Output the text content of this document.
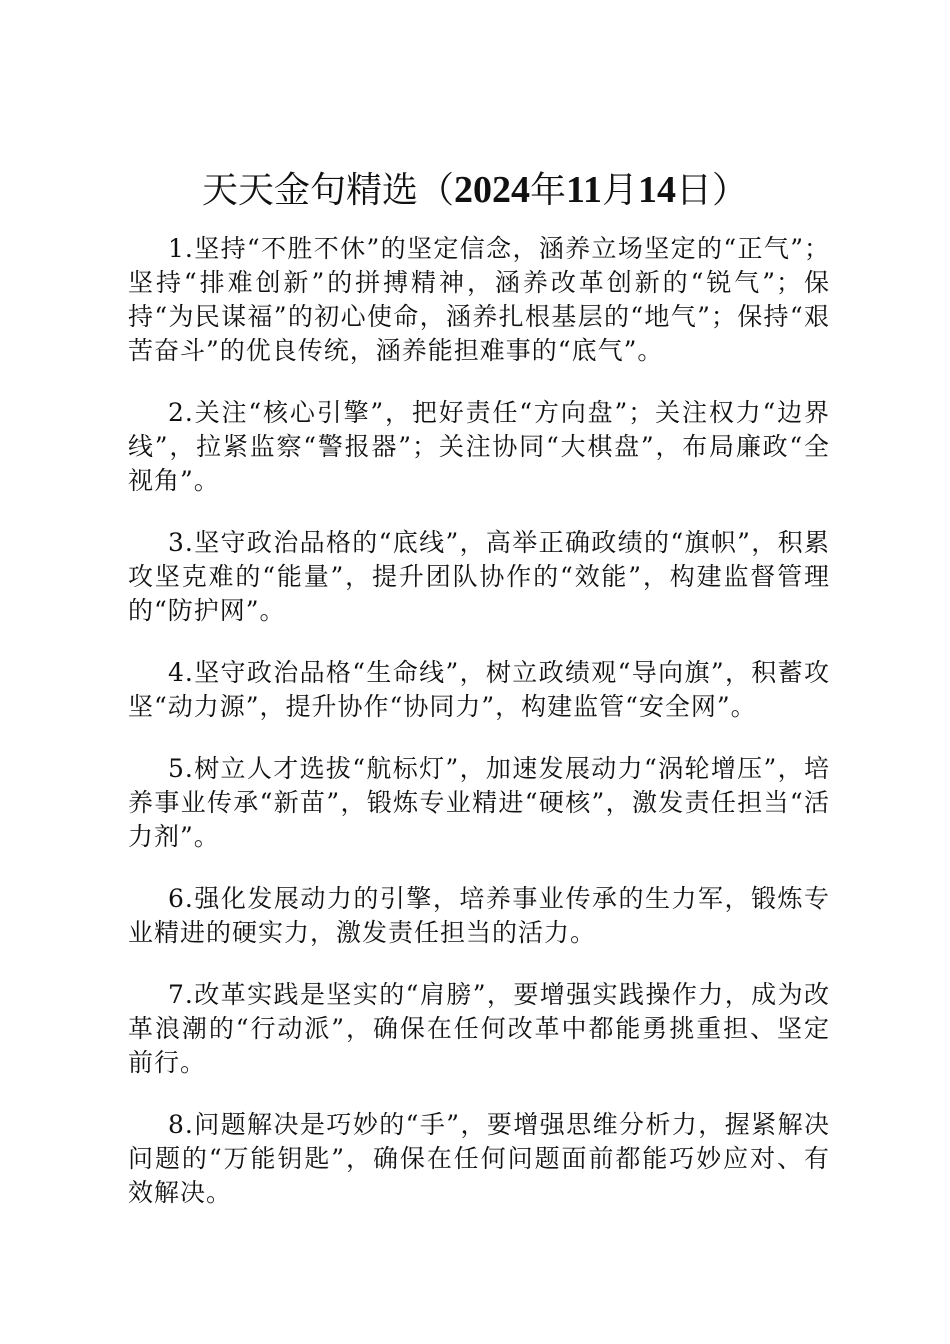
天天金句精选（2024年11月14日）

1.坚持“不胜不休”的坚定信念，涵养立场坚定的“正气”；坚持“排难创新”的拼搏精神，涵养改革创新的“锐气”；保持“为民谋福”的初心使命，涵养扎根基层的“地气”；保持“艰苦奋斗”的优良传统，涵养能担难事的“底气”。

2.关注“核心引擎”，把好责任“方向盘”；关注权力“边界线”，拉紧监察“警报器”；关注协同“大棋盘”，布局廉政“全视角”。

3.坚守政治品格的“底线”，高举正确政绩的“旗帜”，积累攻坚克难的“能量”，提升团队协作的“效能”，构建监督管理的“防护网”。

4.坚守政治品格“生命线”，树立政绩观“导向旗”，积蓄攻坚“动力源”，提升协作“协同力”，构建监管“安全网”。

5.树立人才选拔“航标灯”，加速发展动力“涡轮增压”，培养事业传承“新苗”，锻炼专业精进“硬核”，激发责任担当“活力剂”。

6.强化发展动力的引擎，培养事业传承的生力军，锻炼专业精进的硬实力，激发责任担当的活力。

7.改革实践是坚实的“肩膀”，要增强实践操作力，成为改革浪潮的“行动派”，确保在任何改革中都能勇挑重担、坚定前行。

8.问题解决是巧妙的“手”，要增强思维分析力，握紧解决问题的“万能钥匙”，确保在任何问题面前都能巧妙应对、有效解决。
